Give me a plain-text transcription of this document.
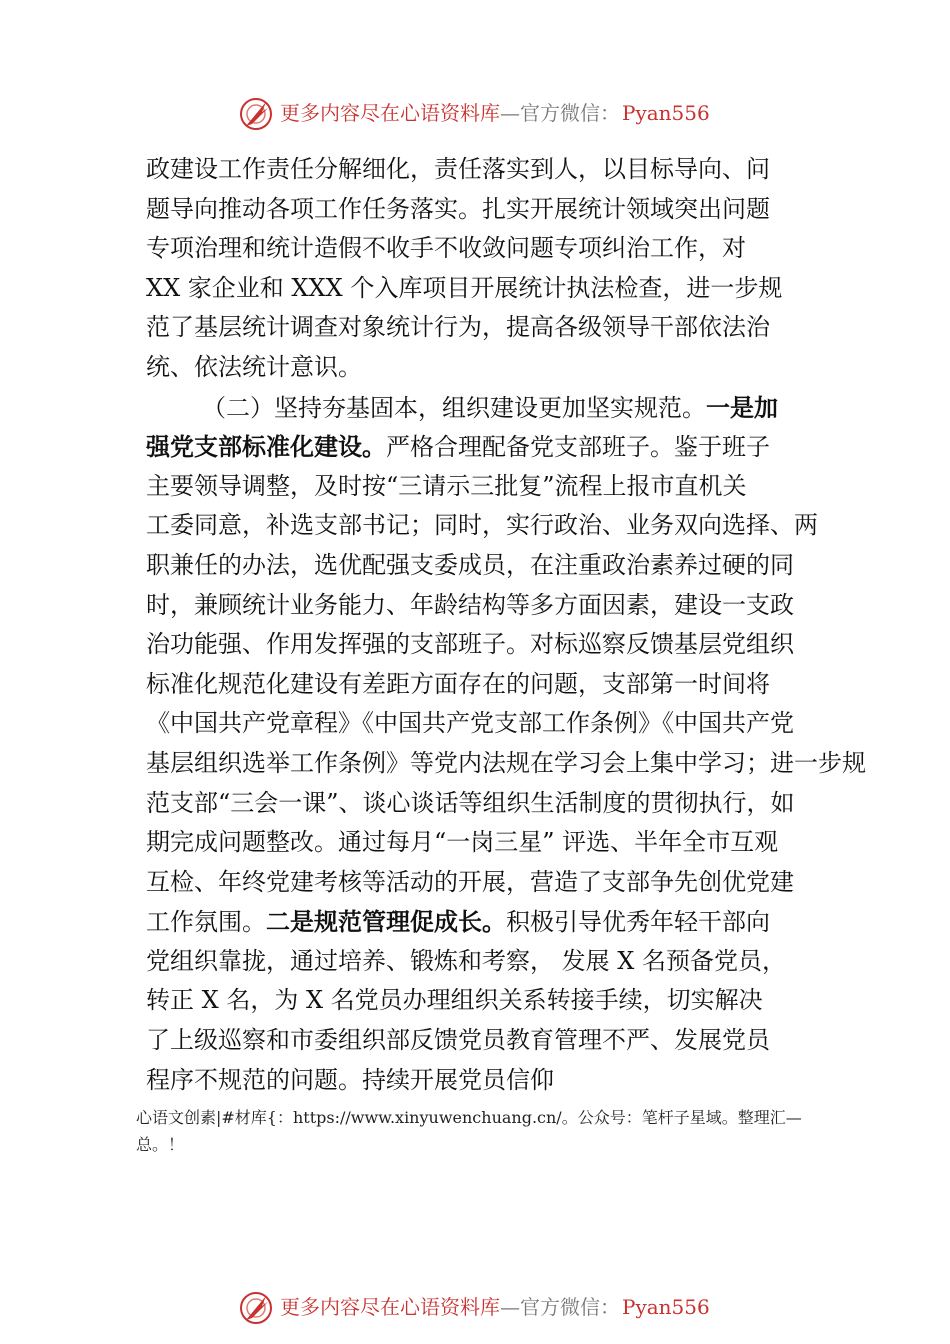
更多内容尽在心语资料库—官方微信： Pyan556
政建设工作责任分解细化，责任落实到人，以目标导向、问
题导向推动各项工作任务落实。扎实开展统计领域突出问题
专项治理和统计造假不收手不收敛问题专项纠治工作，对
XX 家企业和 XXX 个入库项目开展统计执法检查，进一步规
范了基层统计调查对象统计行为，提高各级领导干部依法治
统、依法统计意识。
（二）坚持夯基固本，组织建设更加坚实规范。一是加
强党支部标准化建设。严格合理配备党支部班子。鉴于班子
主要领导调整，及时按“三请示三批复”流程上报市直机关
工委同意，补选支部书记；同时，实行政治、业务双向选择、两
职兼任的办法，选优配强支委成员，在注重政治素养过硬的同
时，兼顾统计业务能力、年龄结构等多方面因素，建设一支政
治功能强、作用发挥强的支部班子。对标巡察反馈基层党组织
标准化规范化建设有差距方面存在的问题，支部第一时间将
《中国共产党章程》《中国共产党支部工作条例》《中国共产党
基层组织选举工作条例》等党内法规在学习会上集中学习；进一步规
范支部“三会一课”、谈心谈话等组织生活制度的贯彻执行，如
期完成问题整改。通过每月“一岗三星” 评选、半年全市互观
互检、年终党建考核等活动的开展，营造了支部争先创优党建
工作氛围。二是规范管理促成长。积极引导优秀年轻干部向
党组织靠拢，通过培养、锻炼和考察， 发展 X 名预备党员，
转正 X 名，为 X 名党员办理组织关系转接手续，切实解决
了上级巡察和市委组织部反馈党员教育管理不严、发展党员
程序不规范的问题。持续开展党员信仰
心语文创素|#材库{：https://www.xinyuwenchuang.cn/。公众号：笔杆子星域。整理汇—
总。！
更多内容尽在心语资料库—官方微信： Pyan556
